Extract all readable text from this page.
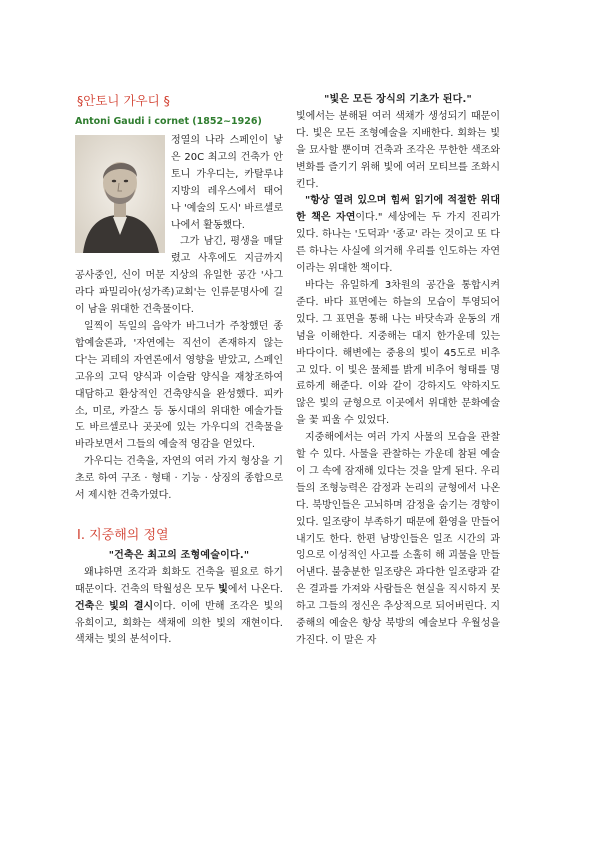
§안토니 가우디 §
Antoni Gaudi i cornet (1852~1926)

정열의 나라 스페인이 낳은 20C 최고의 건축가 안토니 가우디는, 카탈루냐 지방의 레우스에서 태어나 '예술의 도시' 바르셀로나에서 활동했다.

그가 남긴, 평생을 매달렸고 사후에도 지금까지 공사중인, 신이 머문 지상의 유일한 공간 '사그라다 파밀리아(성가족)교회'는 인류문명사에 길이 남을 위대한 건축물이다.

일찍이 독일의 음악가 바그너가 주창했던 종합예술론과, '자연에는 직선이 존재하지 않는다'는 괴테의 자연론에서 영향을 받았고, 스페인 고유의 고딕 양식과 이슬람 양식을 재창조하여 대담하고 환상적인 건축양식을 완성했다. 피카소, 미로, 카잘스 등 동시대의 위대한 예술가들도 바르셀로나 곳곳에 있는 가우디의 건축물을 바라보면서 그들의 예술적 영감을 얻었다.

가우디는 건축을, 자연의 여러 가지 형상을 기초로 하여 구조 · 형태 · 기능 · 상징의 종합으로서 제시한 건축가였다.

Ⅰ. 지중해의 정열

"건축은 최고의 조형예술이다."

왜냐하면 조각과 회화도 건축을 필요로 하기 때문이다. 건축의 탁월성은 모두 빛에서 나온다. 건축은 빛의 결시이다. 이에 반해 조각은 빛의 유희이고, 회화는 색채에 의한 빛의 재현이다. 색채는 빛의 분석이다.

"빛은 모든 장식의 기초가 된다."

빛에서는 분해된 여러 색채가 생성되기 때문이다. 빛은 모든 조형예술을 지배한다. 회화는 빛을 묘사할 뿐이며 건축과 조각은 무한한 색조와 변화를 즐기기 위해 빛에 여러 모티브를 조화시킨다.

"항상 열려 있으며 힘써 읽기에 적절한 위대한 책은 자연이다." 세상에는 두 가지 진리가 있다. 하나는 '도덕과' '종교' 라는 것이고 또 다른 하나는 사실에 의거해 우리를 인도하는 자연이라는 위대한 책이다.

바다는 유일하게 3차원의 공간을 통합시켜 준다. 바다 표면에는 하늘의 모습이 투영되어 있다. 그 표면을 통해 나는 바닷속과 운동의 개념을 이해한다. 지중해는 대지 한가운데 있는 바다이다. 해변에는 중용의 빛이 45도로 비추고 있다. 이 빛은 물체를 밝게 비추어 형태를 명료하게 해준다. 이와 같이 강하지도 약하지도 않은 빛의 균형으로 이곳에서 위대한 문화예술을 꽃 피울 수 있었다.

지중해에서는 여러 가지 사물의 모습을 관찰할 수 있다. 사물을 관찰하는 가운데 참된 예술이 그 속에 잠재해 있다는 것을 알게 된다. 우리들의 조형능력은 감정과 논리의 균형에서 나온다. 북방인들은 고뇌하며 감정을 숨기는 경향이 있다. 일조량이 부족하기 때문에 환영을 만들어 내기도 한다. 한편 남방인들은 일조 시간의 과잉으로 이성적인 사고를 소홀히 해 괴물을 만들어낸다. 불충분한 일조량은 과다한 일조량과 같은 결과를 가져와 사람들은 현실을 직시하지 못하고 그들의 정신은 추상적으로 되어버린다. 지중해의 예술은 항상 북방의 예술보다 우월성을 가진다. 이 말은 자
